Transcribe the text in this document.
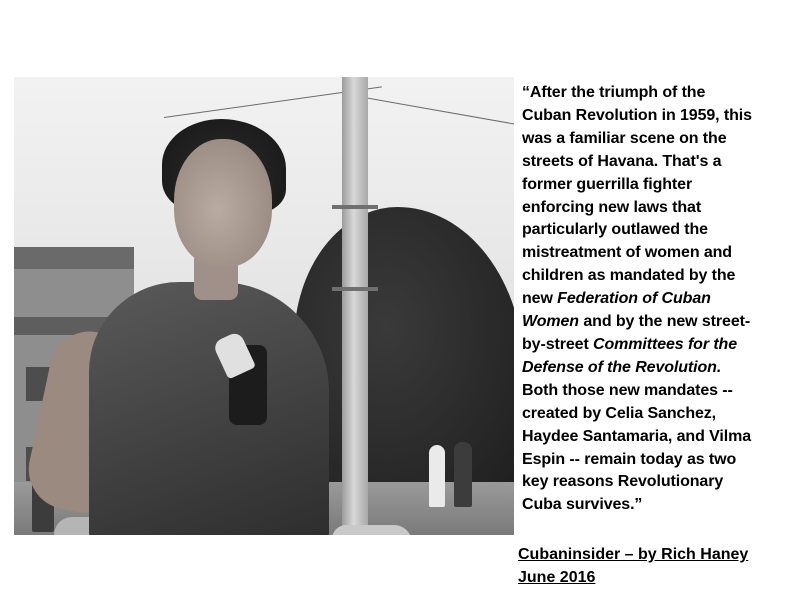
“After the triumph of the
Cuban Revolution in 1959, this
was a familiar scene on the
streets of Havana. That's a
former guerrilla fighter
enforcing new laws that
particularly outlawed the
mistreatment of women and
children as mandated by the
new Federation of Cuban
Women and by the new street-
by-street Committees for the
Defense of the Revolution.
Both those new mandates --
created by Celia Sanchez,
Haydee Santamaria, and Vilma
Espin -- remain today as two
key reasons Revolutionary
Cuba survives.”
Cubaninsider – by Rich Haney
June 2016
